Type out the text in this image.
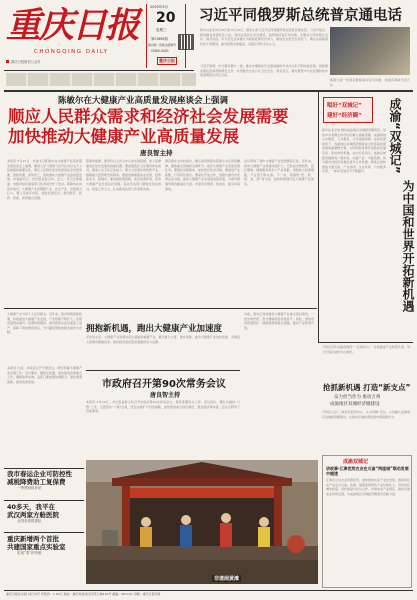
重庆日报
CHONGQING DAILY
重庆日报微信公众号
2020年5月
20
星期三
第21690期
国内统一连续出版物号
CN50-0001
重庆日报
习近平同俄罗斯总统普京通电话
新华社北京5月19日电 5月19日，国家主席习近平应约同俄罗斯总统普京通电话。习近平指出，新冠肺炎疫情发生以来，我同总统先生多次通话，始终保持着密切沟通。中俄双方坚持相互支持、携手抗疫。中方坚定支持俄方为防控疫情所作努力，相信在总统先生领导下，俄方必将取得抗疫斗争胜利。面对疫情全球蔓延，各国应坚持多边主义。
习近平强调，中方愿同俄方一道，推动中俄新时代全面战略协作伙伴关系不断向前发展。两国要加强疫苗和药物研发合作，共同维护全球公共卫生安全。普京表示，俄方赞赏中方在疫情防控中的透明和负责任态度。
两国元首一致同意继续保持密切沟通，加强各领域交流合作。
陈敏尔在大健康产业高质量发展座谈会上强调
顺应人民群众需求和经济社会发展需要
加快推动大健康产业高质量发展
唐良智主持
本报讯 5月19日，市委书记陈敏尔在大健康产业高质量发展座谈会上强调，要深入学习贯彻习近平总书记关于人民健康的重要论述，顺应人民群众需求和经济社会发展需要，抢抓机遇、乘势而上，加快推动大健康产业高质量发展。市委副书记、市长唐良智主持。会上，市卫生健康委、市经济信息委等部门负责同志作了发言。陈敏尔在讲话中指出，大健康产业是朝阳产业、民生产业，发展潜力巨大。要立足重庆实际，找准发展定位，推动医疗、医药、医保、医养融合发展。
陈敏尔强调，要坚持以人民为中心的发展思想，把人民健康放在优先发展的战略位置。要加强医疗卫生服务体系建设，提高公共卫生应急能力。要大力发展生物医药产业，做强做大医药研发和制造。要推进健康服务业发展，培育新业态、新模式。要加强政策保障，优化营商环境，营造大健康产业发展良好氛围。各区县各部门要强化责任担当，形成工作合力，扎实推进各项工作落地见效。
唐良智在主持时指出，要认真贯彻落实陈敏尔书记讲话精神，聚焦重点领域和关键环节，抓好大健康产业发展各项任务。要强化创新驱动，加快医疗技术突破。要推进产业集聚，打造特色园区。要深化开放合作，加强与国内外优秀企业对接，推动大健康产业实现高质量发展，为建设健康中国贡献重庆力量。市领导李明清、郑向东、陆克华等参加。
会议听取了我市大健康产业发展情况汇报。近年来，我市大健康产业规模持续扩大，已形成生物医药、医疗器械、健康服务等多个产业集群，创新能力显著增强，产业链不断完善。下一步，将围绕“医、药、养、食、游”等方面，加快构建现代化大健康产业体系。
唱好“双城记”
建好“经济圈” 成渝“双城记”
为中国和世界开拓新机遇
新华社北京电 推动成渝地区双城经济圈建设，是党中央着眼全局作出的重大战略部署。成渝两地山水相连、人文相亲，合作基础深厚。在新发展格局下，成渝地区双城经济圈将成为西部高质量发展的重要增长极，为中国和世界开拓新的发展空间、新的市场机遇。业内专家表示，成渝双城经济圈拥有广阔市场、完备产业、丰富资源，将为国内外投资者提供更多合作机遇。两地正加快推进交通互联、产业协同、生态共保、公共服务共享，一体化发展水平不断提升。
大健康产业与每个人息息相关。近年来，我市积极抢抓机遇，持续推进大健康产业发展，产业规模不断扩大，发展质量稳步提升。疫情防控期间，我市医药企业迅速复工复产，保障了防控物资供应，为打赢疫情防控阻击战作出贡献。	拥抱新机遇，跑出大健康产业加速度
评论员文章：大健康产业是事关民生福祉的重要产业，要以更大力度、更实举措，推动大健康产业加快发展，为满足人民群众健康需求、推动经济高质量发展提供有力支撑。
当前，我市正加快推进大健康产业重点项目建设，一批生物医药、医疗器械项目落地投产。同时，加快布局智慧医疗、健康管理等新兴领域，推动产业转型升级。
本报讯 日前，市政府召开专题会议，研究部署大健康产业发展工作。会议要求，要抓住机遇，加快推进各项重点工作，确保取得实效。各部门要加强协调配合，强化要素保障，推动政策落地。	市政府召开第90次常务会议
唐良智主持
本报讯 5月19日，市长唐良智主持召开市政府第90次常务会议，研究部署有关工作。会议指出，要扎实做好“六稳”工作，全面落实“六保”任务，坚定实施扩大内需战略，加快推进重大项目建设，稳住经济基本盘。会议还研究了其他事项。
万州区近年来围绕建设“一区两中心”，持续推进产业转型升级，努力打造区域性中心城市。
抢抓新机遇 打造“新支点”
奋力担当作为 推动万州
成渝地区双城经济圈建设
万州区立足“三峡库区经济中心、生态屏障”定位，主动融入成渝地区双城经济圈建设，在推动区域协调发展中展现新作为。
成渝双城记
讲故事·江津优势农业在川渝“两座城”联动发展中提速
江津区立足农业资源优势，加快推进农业产业化发展，推动特色农产品走出川渝。花椒、富硒茶等特色产业持续壮大，带动农民增收致富。同时加强与四川合作，共建农业产业园区，推动川渝农业协同发展，为成渝地区双城经济圈建设贡献力量。
我市春运企业可防控性
减税降费助工复保费
一季度财政补贴
40多天，我平在
武汉两家方舱医院
全国首席救援队
重庆新增两个首批
共建国家重点实验室
实现“零”的突破
非遗闹黄滩
重庆日报社出版 每日对开 零售价：1.00元 地址：重庆市渝北区同茂大道416号 邮编：401121 印刷：重庆日报印务
